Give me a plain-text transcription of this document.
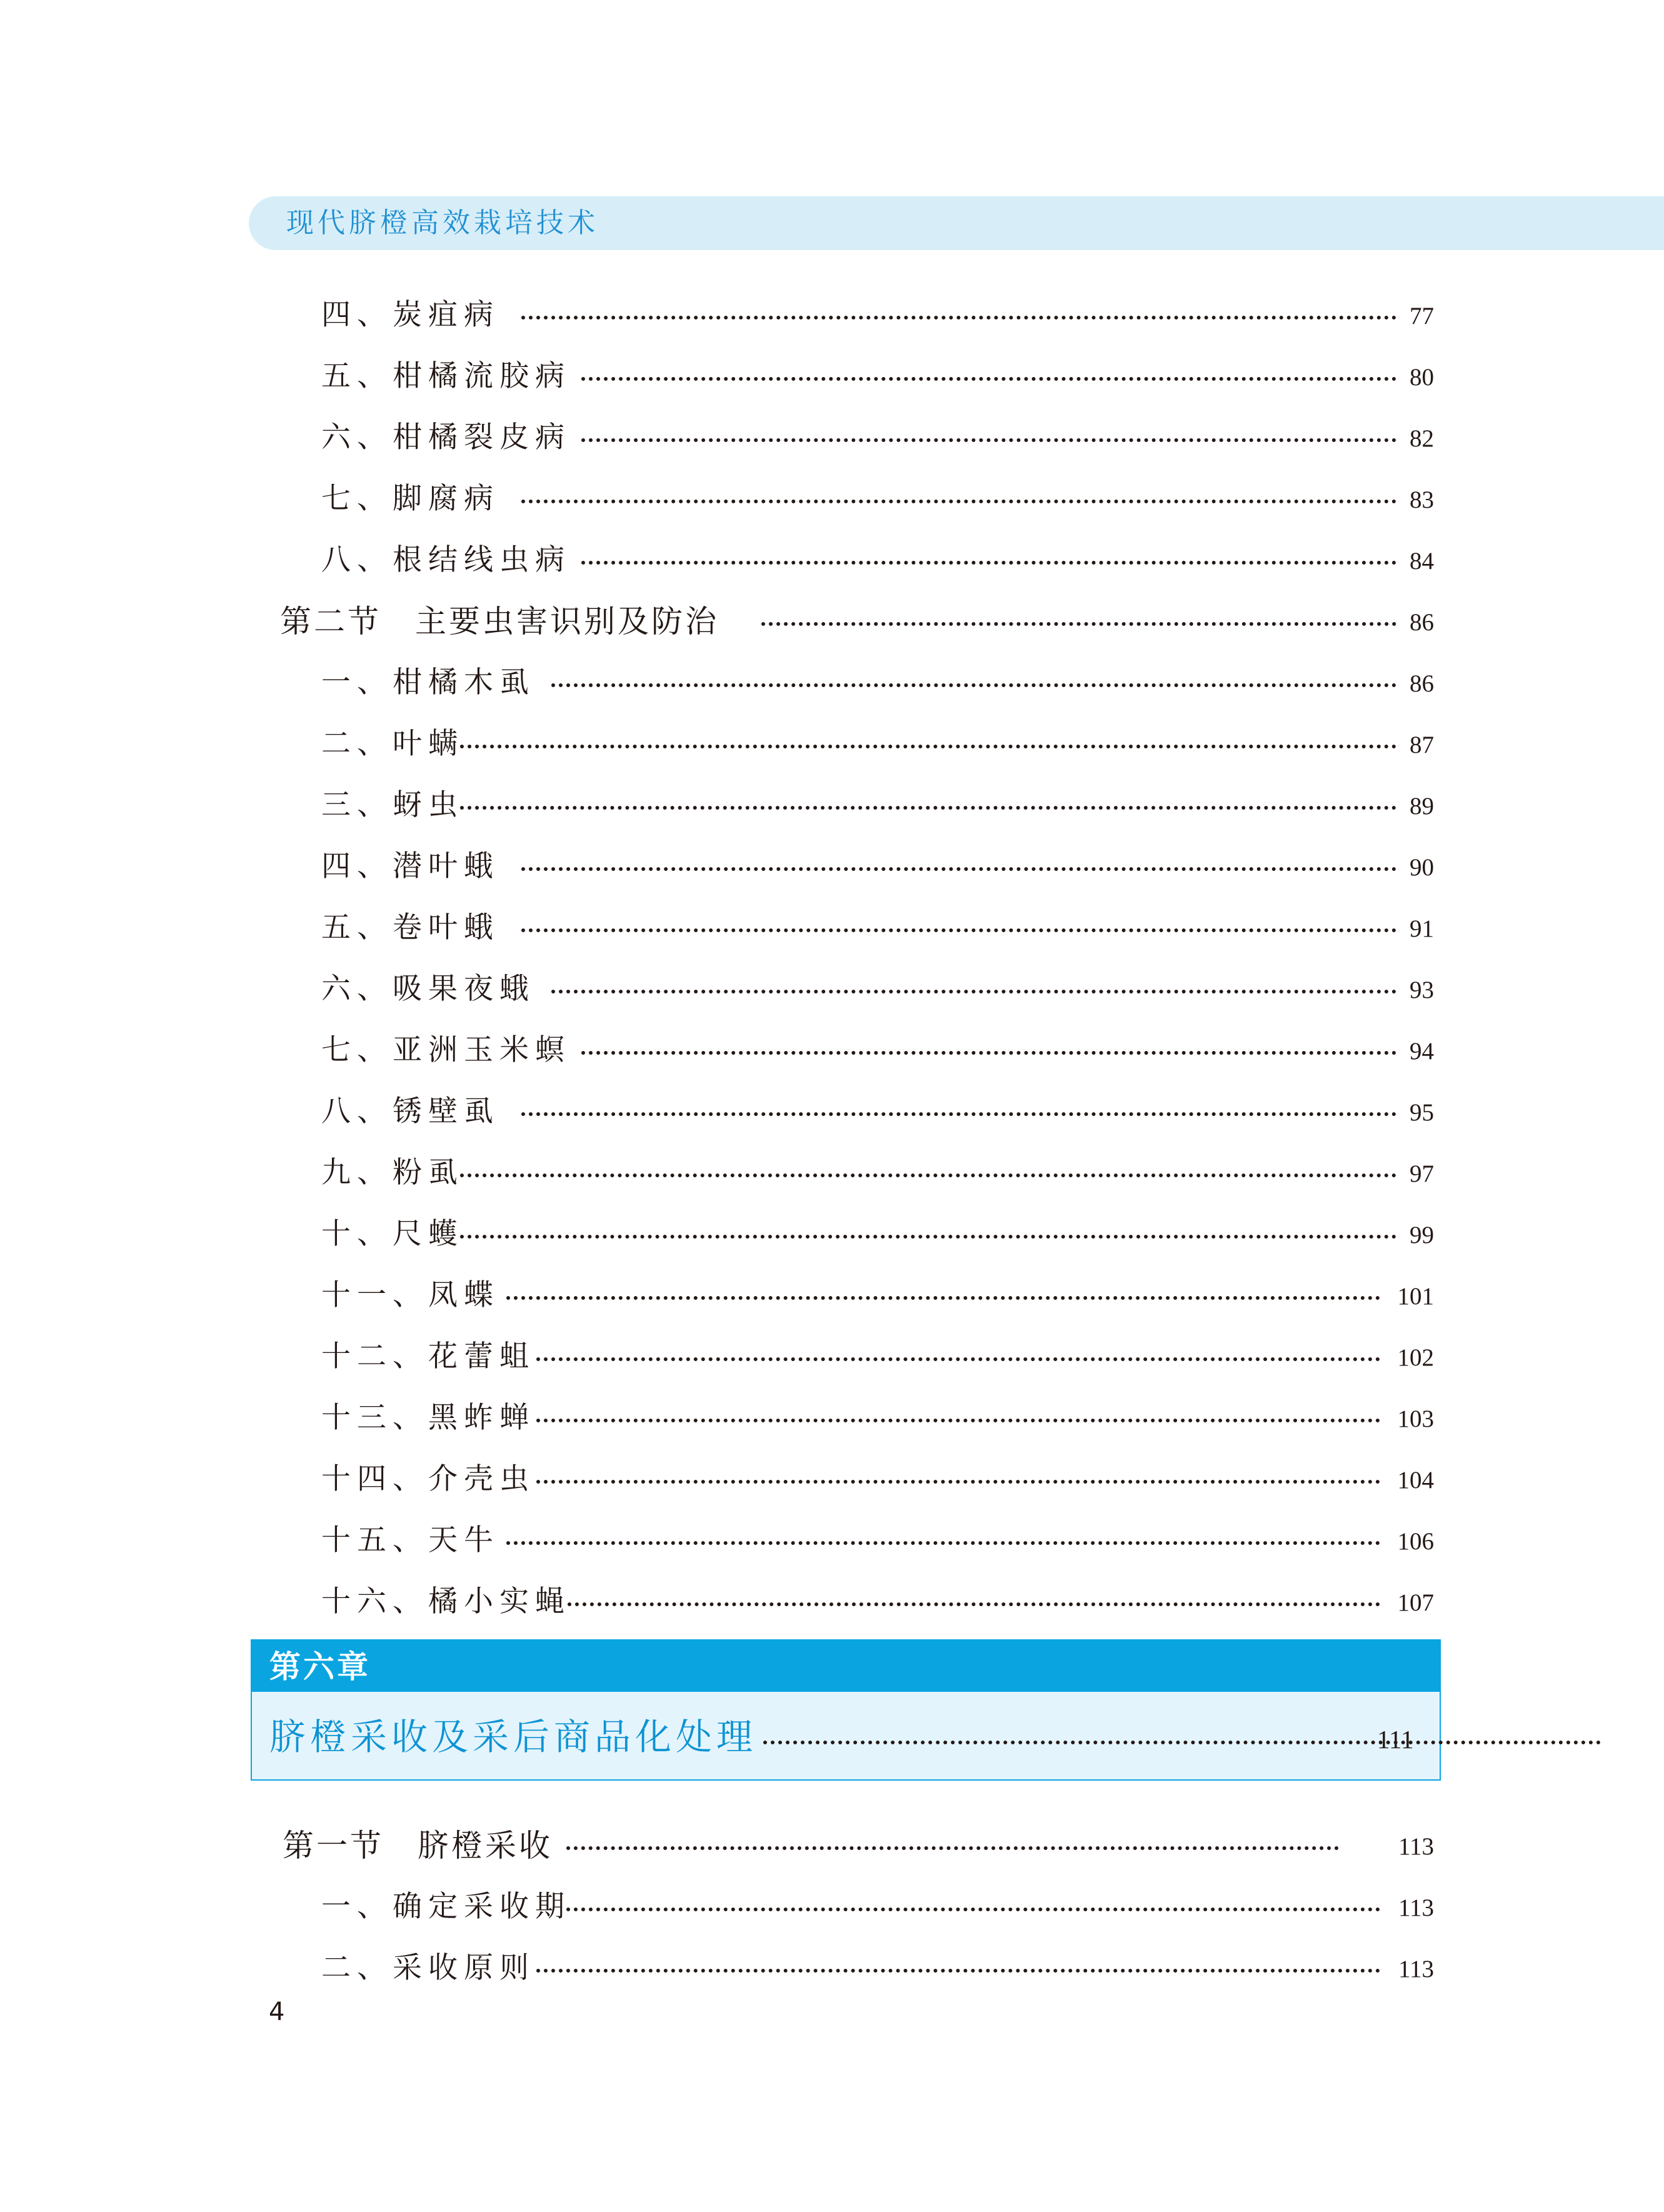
现代脐橙高效栽培技术
四、炭疽病	77
五、柑橘流胶病	80
六、柑橘裂皮病	82
七、脚腐病	83
八、根结线虫病	84
第二节　主要虫害识别及防治	86
一、柑橘木虱	86
二、叶螨	87
三、蚜虫	89
四、潜叶蛾	90
五、卷叶蛾	91
六、吸果夜蛾	93
七、亚洲玉米螟	94
八、锈壁虱	95
九、粉虱	97
十、尺蠖	99
十一、凤蝶	101
十二、花蕾蛆	102
十三、黑蚱蝉	103
十四、介壳虫	104
十五、天牛	106
十六、橘小实蝇	107
第六章
脐橙采收及采后商品化处理	111
第一节　脐橙采收	113
一、确定采收期	113
二、采收原则	113
4
